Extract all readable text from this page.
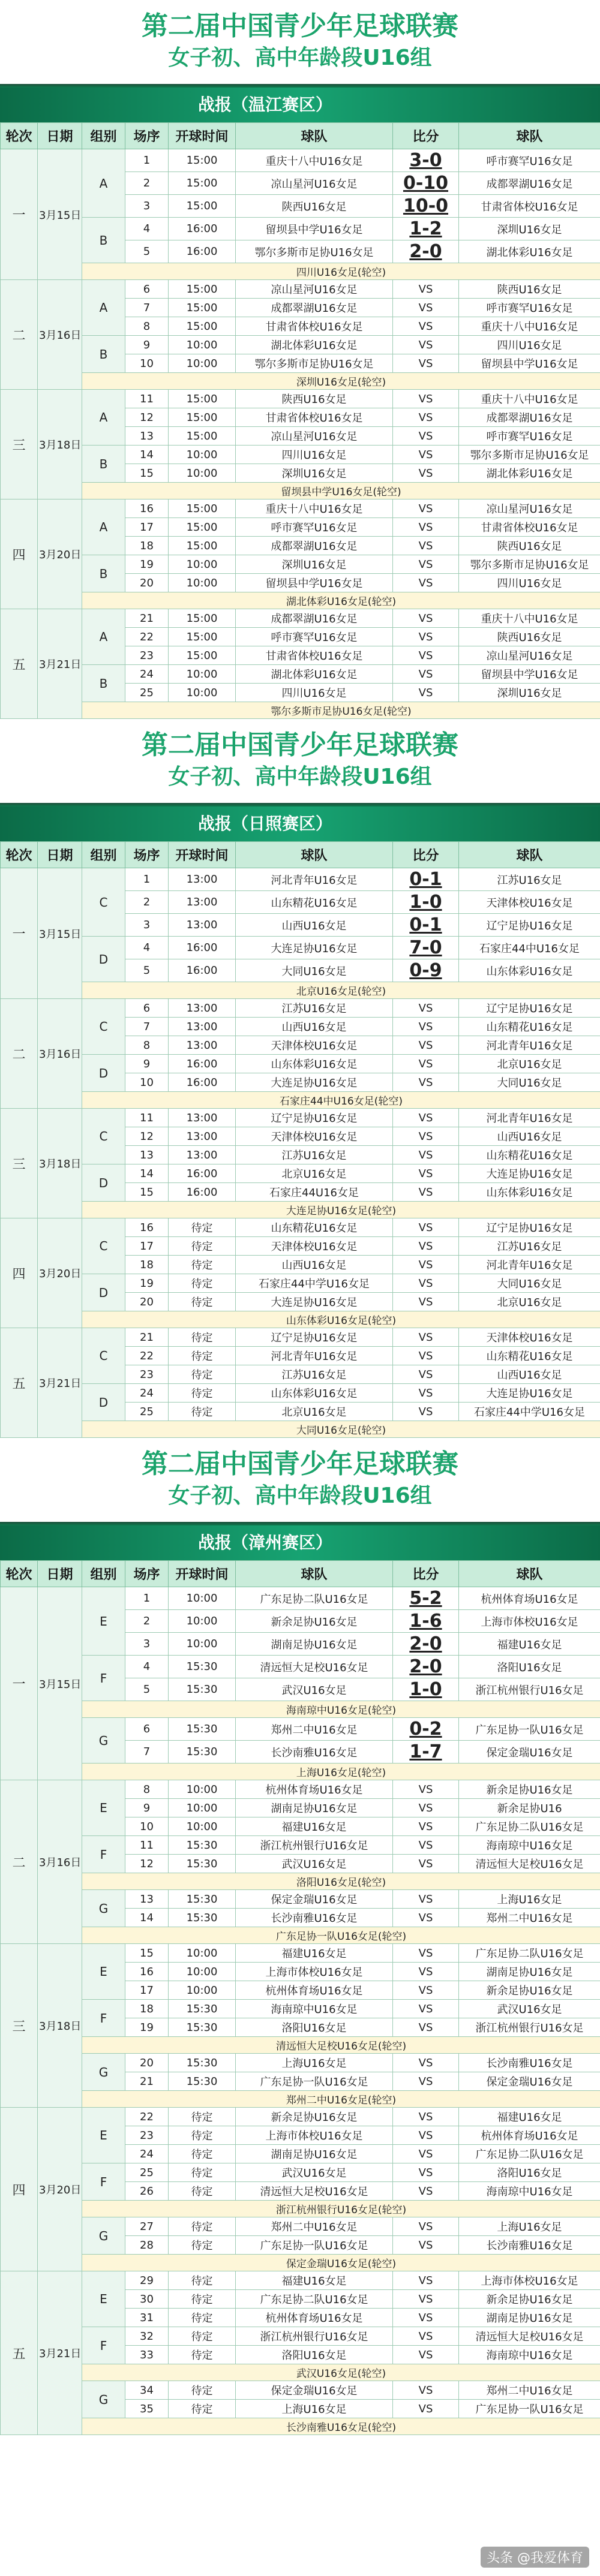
第二届中国青少年足球联赛
女子初、高中年龄段U16组
战报（温江赛区）
轮次	日期	组别	场序	开球时间	球队	比分	球队
一	3月15日	A	1	15:00	重庆十八中U16女足	3-0	呼市赛罕U16女足
			2	15:00	凉山星河U16女足	0-10	成都翠湖U16女足
			3	15:00	陕西U16女足	10-0	甘肃省体校U16女足
		B	4	16:00	留坝县中学U16女足	1-2	深圳U16女足
			5	16:00	鄂尔多斯市足协U16女足	2-0	湖北体彩U16女足
		四川U16女足(轮空)					
二	3月16日	A	6	15:00	凉山星河U16女足	VS	陕西U16女足
			7	15:00	成都翠湖U16女足	VS	呼市赛罕U16女足
			8	15:00	甘肃省体校U16女足	VS	重庆十八中U16女足
		B	9	10:00	湖北体彩U16女足	VS	四川U16女足
			10	10:00	鄂尔多斯市足协U16女足	VS	留坝县中学U16女足
		深圳U16女足(轮空)					
三	3月18日	A	11	15:00	陕西U16女足	VS	重庆十八中U16女足
			12	15:00	甘肃省体校U16女足	VS	成都翠湖U16女足
			13	15:00	凉山星河U16女足	VS	呼市赛罕U16女足
		B	14	10:00	四川U16女足	VS	鄂尔多斯市足协U16女足
			15	10:00	深圳U16女足	VS	湖北体彩U16女足
		留坝县中学U16女足(轮空)					
四	3月20日	A	16	15:00	重庆十八中U16女足	VS	凉山星河U16女足
			17	15:00	呼市赛罕U16女足	VS	甘肃省体校U16女足
			18	15:00	成都翠湖U16女足	VS	陕西U16女足
		B	19	10:00	深圳U16女足	VS	鄂尔多斯市足协U16女足
			20	10:00	留坝县中学U16女足	VS	四川U16女足
		湖北体彩U16女足(轮空)					
五	3月21日	A	21	15:00	成都翠湖U16女足	VS	重庆十八中U16女足
			22	15:00	呼市赛罕U16女足	VS	陕西U16女足
			23	15:00	甘肃省体校U16女足	VS	凉山星河U16女足
		B	24	10:00	湖北体彩U16女足	VS	留坝县中学U16女足
			25	10:00	四川U16女足	VS	深圳U16女足
		鄂尔多斯市足协U16女足(轮空)					
第二届中国青少年足球联赛
女子初、高中年龄段U16组
战报（日照赛区）
轮次	日期	组别	场序	开球时间	球队	比分	球队
一	3月15日	C	1	13:00	河北青年U16女足	0-1	江苏U16女足
			2	13:00	山东精花U16女足	1-0	天津体校U16女足
			3	13:00	山西U16女足	0-1	辽宁足协U16女足
		D	4	16:00	大连足协U16女足	7-0	石家庄44中U16女足
			5	16:00	大同U16女足	0-9	山东体彩U16女足
		北京U16女足(轮空)					
二	3月16日	C	6	13:00	江苏U16女足	VS	辽宁足协U16女足
			7	13:00	山西U16女足	VS	山东精花U16女足
			8	13:00	天津体校U16女足	VS	河北青年U16女足
		D	9	16:00	山东体彩U16女足	VS	北京U16女足
			10	16:00	大连足协U16女足	VS	大同U16女足
		石家庄44中U16女足(轮空)					
三	3月18日	C	11	13:00	辽宁足协U16女足	VS	河北青年U16女足
			12	13:00	天津体校U16女足	VS	山西U16女足
			13	13:00	江苏U16女足	VS	山东精花U16女足
		D	14	16:00	北京U16女足	VS	大连足协U16女足
			15	16:00	石家庄44U16女足	VS	山东体彩U16女足
		大连足协U16女足(轮空)					
四	3月20日	C	16	待定	山东精花U16女足	VS	辽宁足协U16女足
			17	待定	天津体校U16女足	VS	江苏U16女足
			18	待定	山西U16女足	VS	河北青年U16女足
		D	19	待定	石家庄44中学U16女足	VS	大同U16女足
			20	待定	大连足协U16女足	VS	北京U16女足
		山东体彩U16女足(轮空)					
五	3月21日	C	21	待定	辽宁足协U16女足	VS	天津体校U16女足
			22	待定	河北青年U16女足	VS	山东精花U16女足
			23	待定	江苏U16女足	VS	山西U16女足
		D	24	待定	山东体彩U16女足	VS	大连足协U16女足
			25	待定	北京U16女足	VS	石家庄44中学U16女足
		大同U16女足(轮空)					
第二届中国青少年足球联赛
女子初、高中年龄段U16组
战报（漳州赛区）
轮次	日期	组别	场序	开球时间	球队	比分	球队
一	3月15日	E	1	10:00	广东足协二队U16女足	5-2	杭州体育场U16女足
			2	10:00	新余足协U16女足	1-6	上海市体校U16女足
			3	10:00	湖南足协U16女足	2-0	福建U16女足
		F	4	15:30	清远恒大足校U16女足	2-0	洛阳U16女足
			5	15:30	武汉U16女足	1-0	浙江杭州银行U16女足
		海南琼中U16女足(轮空)					
		G	6	15:30	郑州二中U16女足	0-2	广东足协一队U16女足
			7	15:30	长沙南雅U16女足	1-7	保定金瑞U16女足
		上海U16女足(轮空)					
二	3月16日	E	8	10:00	杭州体育场U16女足	VS	新余足协U16女足
			9	10:00	湖南足协U16女足	VS	新余足协U16
			10	10:00	福建U16女足	VS	广东足协二队U16女足
		F	11	15:30	浙江杭州银行U16女足	VS	海南琼中U16女足
			12	15:30	武汉U16女足	VS	清远恒大足校U16女足
		洛阳U16女足(轮空)					
		G	13	15:30	保定金瑞U16女足	VS	上海U16女足
			14	15:30	长沙南雅U16女足	VS	郑州二中U16女足
		广东足协一队U16女足(轮空)					
三	3月18日	E	15	10:00	福建U16女足	VS	广东足协二队U16女足
			16	10:00	上海市体校U16女足	VS	湖南足协U16女足
			17	10:00	杭州体育场U16女足	VS	新余足协U16女足
		F	18	15:30	海南琼中U16女足	VS	武汉U16女足
			19	15:30	洛阳U16女足	VS	浙江杭州银行U16女足
		清远恒大足校U16女足(轮空)					
		G	20	15:30	上海U16女足	VS	长沙南雅U16女足
			21	15:30	广东足协一队U16女足	VS	保定金瑞U16女足
		郑州二中U16女足(轮空)					
四	3月20日	E	22	待定	新余足协U16女足	VS	福建U16女足
			23	待定	上海市体校U16女足	VS	杭州体育场U16女足
			24	待定	湖南足协U16女足	VS	广东足协二队U16女足
		F	25	待定	武汉U16女足	VS	洛阳U16女足
			26	待定	清远恒大足校U16女足	VS	海南琼中U16女足
		浙江杭州银行U16女足(轮空)					
		G	27	待定	郑州二中U16女足	VS	上海U16女足
			28	待定	广东足协一队U16女足	VS	长沙南雅U16女足
		保定金瑞U16女足(轮空)					
五	3月21日	E	29	待定	福建U16女足	VS	上海市体校U16女足
			30	待定	广东足协二队U16女足	VS	新余足协U16女足
			31	待定	杭州体育场U16女足	VS	湖南足协U16女足
		F	32	待定	浙江杭州银行U16女足	VS	清远恒大足校U16女足
			33	待定	洛阳U16女足	VS	海南琼中U16女足
		武汉U16女足(轮空)					
		G	34	待定	保定金瑞U16女足	VS	郑州二中U16女足
			35	待定	上海U16女足	VS	广东足协一队U16女足
		长沙南雅U16女足(轮空)					
头条 @我爱体育
